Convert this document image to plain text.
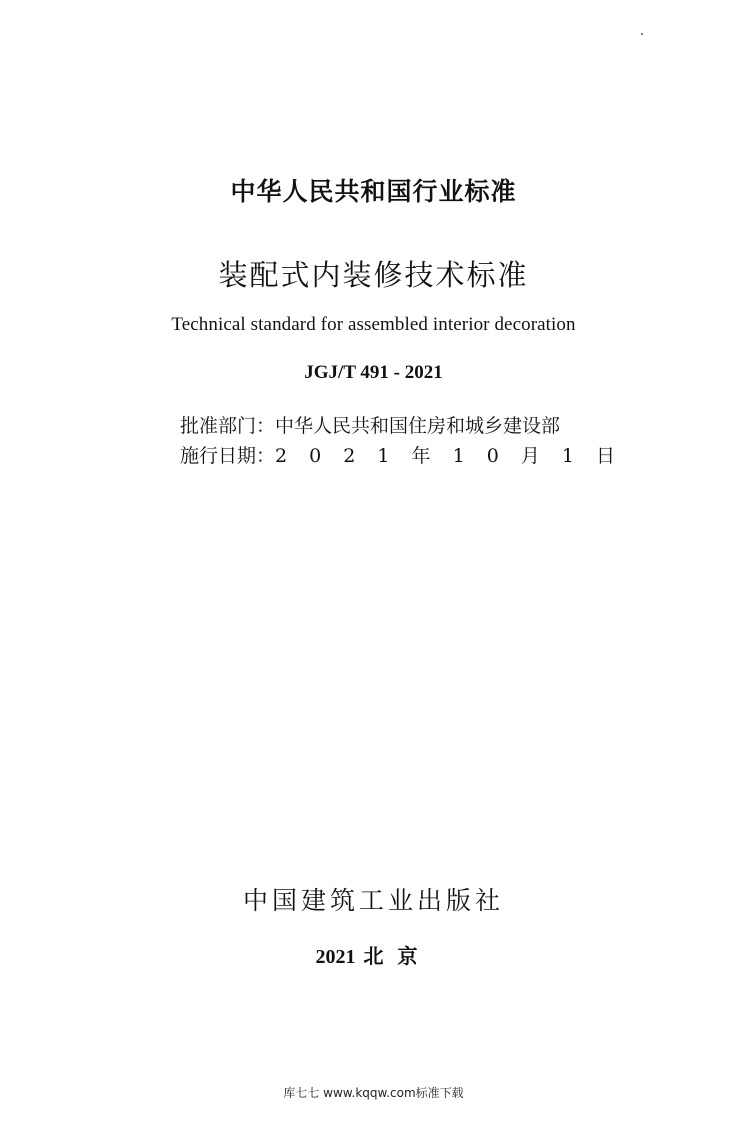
中华人民共和国行业标准
装配式内装修技术标准
Technical standard for assembled interior decoration
JGJ/T 491 - 2021
批准部门：中华人民共和国住房和城乡建设部
施行日期：2 0 2 1 年 1 0 月 1 日
中国建筑工业出版社
2021 北京
库七七 www.kqqw.com标准下载
